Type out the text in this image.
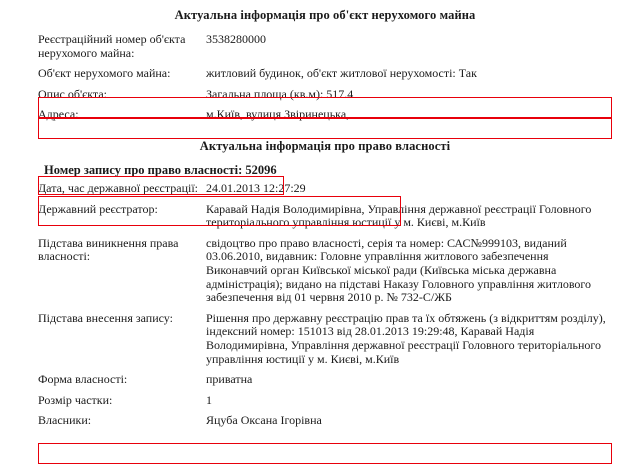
Актуальна інформація про об'єкт нерухомого майна
Реєстраційний номер об'єкта нерухомого майна:	3538280000
Об'єкт нерухомого майна:	житловий будинок, об'єкт житлової нерухомості: Так
Опис об'єкта:	Загальна площа (кв.м): 517.4
Адреса:	м.Київ, вулиця Звіринецька,
Актуальна інформація про право власності
Номер запису про право власності: 52096
Дата, час державної реєстрації:	24.01.2013 12:27:29
Державний реєстратор:	Каравай Надія Володимирівна, Управління державної реєстрації Головного територіального управління юстиції у м. Києві, м.Київ
Підстава виникнення права власності:	свідоцтво про право власності, серія та номер: САС№999103, виданий 03.06.2010, видавник: Головне управління житлового забезпечення Виконавчий орган Київської міської ради (Київська міська державна адміністрація); видано на підставі Наказу Головного управління житлового забезпечення від 01 червня 2010 р. № 732-С/ЖБ
Підстава внесення запису:	Рішення про державну реєстрацію прав та їх обтяжень (з відкриттям розділу), індексний номер: 151013 від 28.01.2013 19:29:48, Каравай Надія Володимирівна, Управління державної реєстрації Головного територіального управління юстиції у м. Києві, м.Київ
Форма власності:	приватна
Розмір частки:	1
Власники:	Яцуба Оксана Ігорівна
